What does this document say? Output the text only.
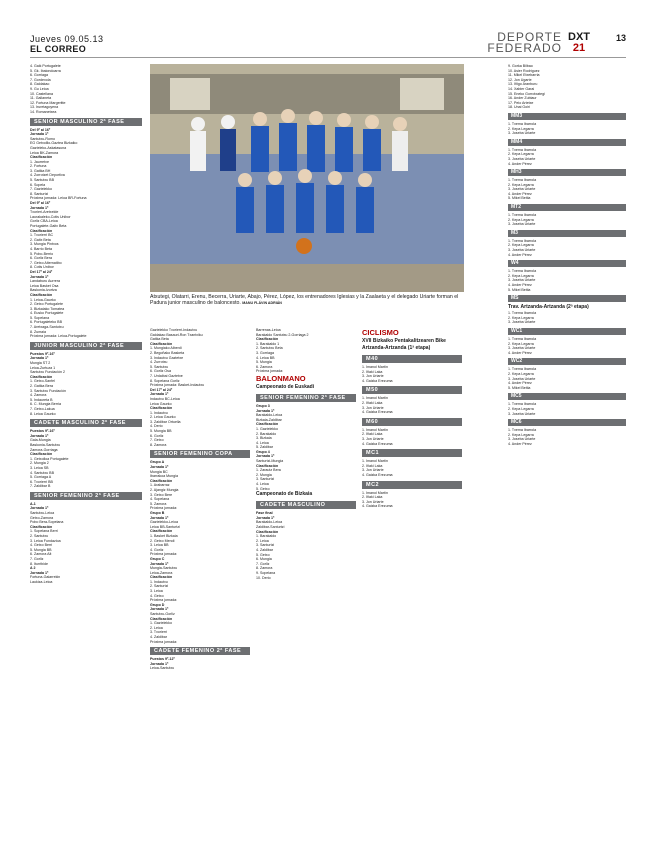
Jueves 09.05.13
EL CORREO
DEPORTE
FEDERADO
DXT
21
13

4. Gaik Portugalete

5. Gk. Ibaiondoarra

6. Gorriaga

7. Gordexola

8. Galdakao

9. Gu Leioa

10. Castellana

11. Gallaneta

12. Fortuna Margeritte

13. Iruretagoyena

14. Romanetxea

SENIOR MASCULINO 2ª FASE

Del 9º al 16º

Jornada 1ª

Santutxu-Romo

EG Getxolllo-Gaztea Bizkaiko

Gazteleko-Askatasuna

Leioa BK-Zamora

Clasificación

1. Jaurretxe

2. Fortuna

3. Gatika BH

4. Zorrotzet Deportiva

5. Santutxu BB

6. Sopela

7. Gaztelekko

8. Santurtzi

Próxima jornada: Leioa BR-Fortuna

Del 9º al 16º

Jornada 1ª

Txorieri-Aretxelde

Laurakaleko-Cotis Unibor

Gorliz CBA-Leioa

Portugalete-Gaitx Beta

Clasificación

1. Txorierri BC

2. Gaitx Beta

3. Mungia Pintxos

4. Barrio Beta

5. Pobo-Berrio

6. Gorliz Bera

7. Getxo Alternatibo

8. Cotis Unibor

Del 17º al 24º

Jornada 1ª

Landaburu Aurrera

Leioa Basket Osa

Baskonia-Izurtza

Clasificación

1. Leioa-Gaurko

2. Getxo Portugalete

3. Bizkaiako Tomatea

4. Eusko Portugalete

5. Sopelana

6. Portugaleteko BB

7. Aretxaga-Santutxu

8. Zumaia

Próxima jornada: Leioa-Portugalete

JUNIOR MASCULINO 2ª FASE

Puestos 9º-16º

Jornada 1ª

Mungia ST 2

Leioa-Zurtuza 1

Santutxu Fundación 2

Clasificación

1. Getxo-Sanfel

2. Gatika Bera

3. Santutxu Fundación

4. Zamora

5. Indaureta B

6. C. Mungia Berria

7. Getxo-Lakua

8. Leioa Gaurko

CADETE MASCULINO 2ª FASE

Puestos 9º-16º

Jornada 1ª

Gaia-Mungia

Baskonia-Santutxu

Zamora-Gorriaga

Clasificación

1. Getxolloa Portugalete

2. Mungia 2

3. Leioa SB

4. Santutxu BB

5. Gorriaga A

6. Txorierri BB

7. Zaldibar B

SENIOR FEMENINO 2ª FASE

A-1

Jornada 1ª

Santutxu-Leioa

Getxo-Zamora

Pobo Bera-Sopelana

Clasificación

1. Sopelana Berri

2. Santutxu

3. Leioa Fundazioa

4. Getxo Berri

5. Mungia BB

6. Zamora Alt

7. Gorliz

8. Iturribide

A 2

Jornada 1ª

Fortuna-Gaiarrekin

Laukiza-Leioa

Gaztelekko Txorierri-Indautxu

Galdakao Basauri-Ron Txantxiku

Gatika Beta

Clasificación

1. Mungiako Alberdi

2. Begoñako Basketa

3. Indautxu Gaztetxe

4. Zurrotxu

5. Santutxu

6. Gorliz Osa

7. Urdaibai Gaztetxe

8. Sopelana Gorliz

Próxima jornada: Basket-Indautxu

Del 17º al 24º

Jornada 1ª

Indautxu BC-Leioa

Leioa Gaurko

Clasificación

1. Indautxu

2. Leioa Gaurko

3. Zaldibar Ortuella

4. Derio

5. Mungia BB

6. Gorliz

7. Getxo

8. Zamora

SENIOR FEMENINO COPA

Grupo A

Jornada 1ª

Mungia BC

Ibarrakoa Mungia

Clasificación

1. Arabarraz

2. Ajangiz Mungia

3. Getxo Bere

4. Sopelana

5. Zamora

Próxima jornada:

Grupo B

Jornada 1ª

Gaztelekko-Leioa

Leioa BB-Santurtzi

Clasificación

1. Basket Bizkaia

2. Getxo Mendi

3. Leioa BB

4. Gorliz

Próxima jornada:

Grupo C

Jornada 1ª

Mungia-Santutxu

Leioa-Zamora

Clasificación

1. Indautxu

2. Santurtzi

3. Leioa

4. Getxo

Próxima jornada:

Grupo D

Jornada 1ª

Santutxu-Gorliz

Clasificación

1. Gaztelekko

2. Leioa

3. Txorierri

4. Zaldibar

Próxima jornada:

CADETE FEMENINO 2ª FASE

Puestos 9º-12º

Jornada 1ª

Leioa-Santutxu

Atxutegi, Olatarri, Erenu, Becerra, Uriarte, Abajo, Pérez, López, los entrenadores Iglesias y la Zaalaeta y el delegado Uriarte forman el Padura junior masculino de baloncesto. MANU FLÁVIN ADRIÁN

Barrenas-Leioa

Barakaldo Santutxu 2-Gorriaga 2

Clasificación

1. Barakaldo 1

2. Santutxu Beta

3. Gorriaga

4. Leioa BB

5. Mungia

6. Zamora

Próxima jornada:

BALONMANO
Campeonato de Euskadi
SENIOR FEMENINO 2ª FASE

Grupo 3

Jornada 1ª

Barakaldo-Leioa

Bizkaia-Zaldibar

Clasificación

1. Gaztelekko

2. Barakaldo

3. Bizkaia

4. Leioa

5. Zaldibar

Grupo 4

Jornada 1ª

Santurtzi-Mungia

Clasificación

1. Zarautz Bera

2. Mungia

3. Santurtzi

4. Leioa

5. Getxo

Campeonato de Bizkaia
CADETE MASCULINO

Fase final

Jornada 1ª

Barakaldo-Leioa

Zaldibar-Santurtzi

Clasificación

1. Barakaldo

2. Leioa

3. Santurtzi

4. Zaldibar

5. Getxo

6. Mungia

7. Gorliz

8. Zamora

9. Sopelana

10. Derio

CICLISMO
XVII Bizkaiko Pentakalitzearen Bike
Artzanda-Artzanda (1ª etapa)
M40

1. Imanol Martín

2. Iñaki Laka

3. Jon Uriarte

4. Gaizka Erezuma

M50

1. Imanol Martín

2. Iñaki Laka

3. Jon Uriarte

4. Gaizka Erezuma

M60

1. Imanol Martín

2. Iñaki Laka

3. Jon Uriarte

4. Gaizka Erezuma

MC1

1. Imanol Martín

2. Iñaki Laka

3. Jon Uriarte

4. Gaizka Erezuma

MC2

1. Imanol Martín

2. Iñaki Laka

3. Jon Uriarte

4. Gaizka Erezuma

9. Gorka Bilbao

10. Asier Rodríguez

11. Mikel Etxebarria

12. Jon Ugarte

13. Iñigo Aranburu

14. Xabier Garai

15. Eneko Gorrotxategi

16. Ander Zubiaur

17. Peio Artetxe

18. Unai Goiri

MM3

1. Txema Ibarrola

2. Kepa Legarra

3. Joseba Uriarte

MM4

1. Txema Ibarrola

2. Kepa Legarra

3. Joseba Uriarte

4. Ander Pérez

MH3

1. Txema Ibarrola

2. Kepa Legarra

3. Joseba Uriarte

4. Ander Pérez

5. Mikel Beitia

MT2

1. Txema Ibarrola

2. Kepa Legarra

3. Joseba Uriarte

M3

1. Txema Ibarrola

2. Kepa Legarra

3. Joseba Uriarte

4. Ander Pérez

W4

1. Txema Ibarrola

2. Kepa Legarra

3. Joseba Uriarte

4. Ander Pérez

5. Mikel Beitia

MS
Trav. Artzanda-Artzanda (2ª etapa)

1. Txema Ibarrola

2. Kepa Legarra

3. Joseba Uriarte

WC1

1. Txema Ibarrola

2. Kepa Legarra

3. Joseba Uriarte

4. Ander Pérez

WC2

1. Txema Ibarrola

2. Kepa Legarra

3. Joseba Uriarte

4. Ander Pérez

5. Mikel Beitia

MC5

1. Txema Ibarrola

2. Kepa Legarra

3. Joseba Uriarte

MC6

1. Txema Ibarrola

2. Kepa Legarra

3. Joseba Uriarte

4. Ander Pérez
